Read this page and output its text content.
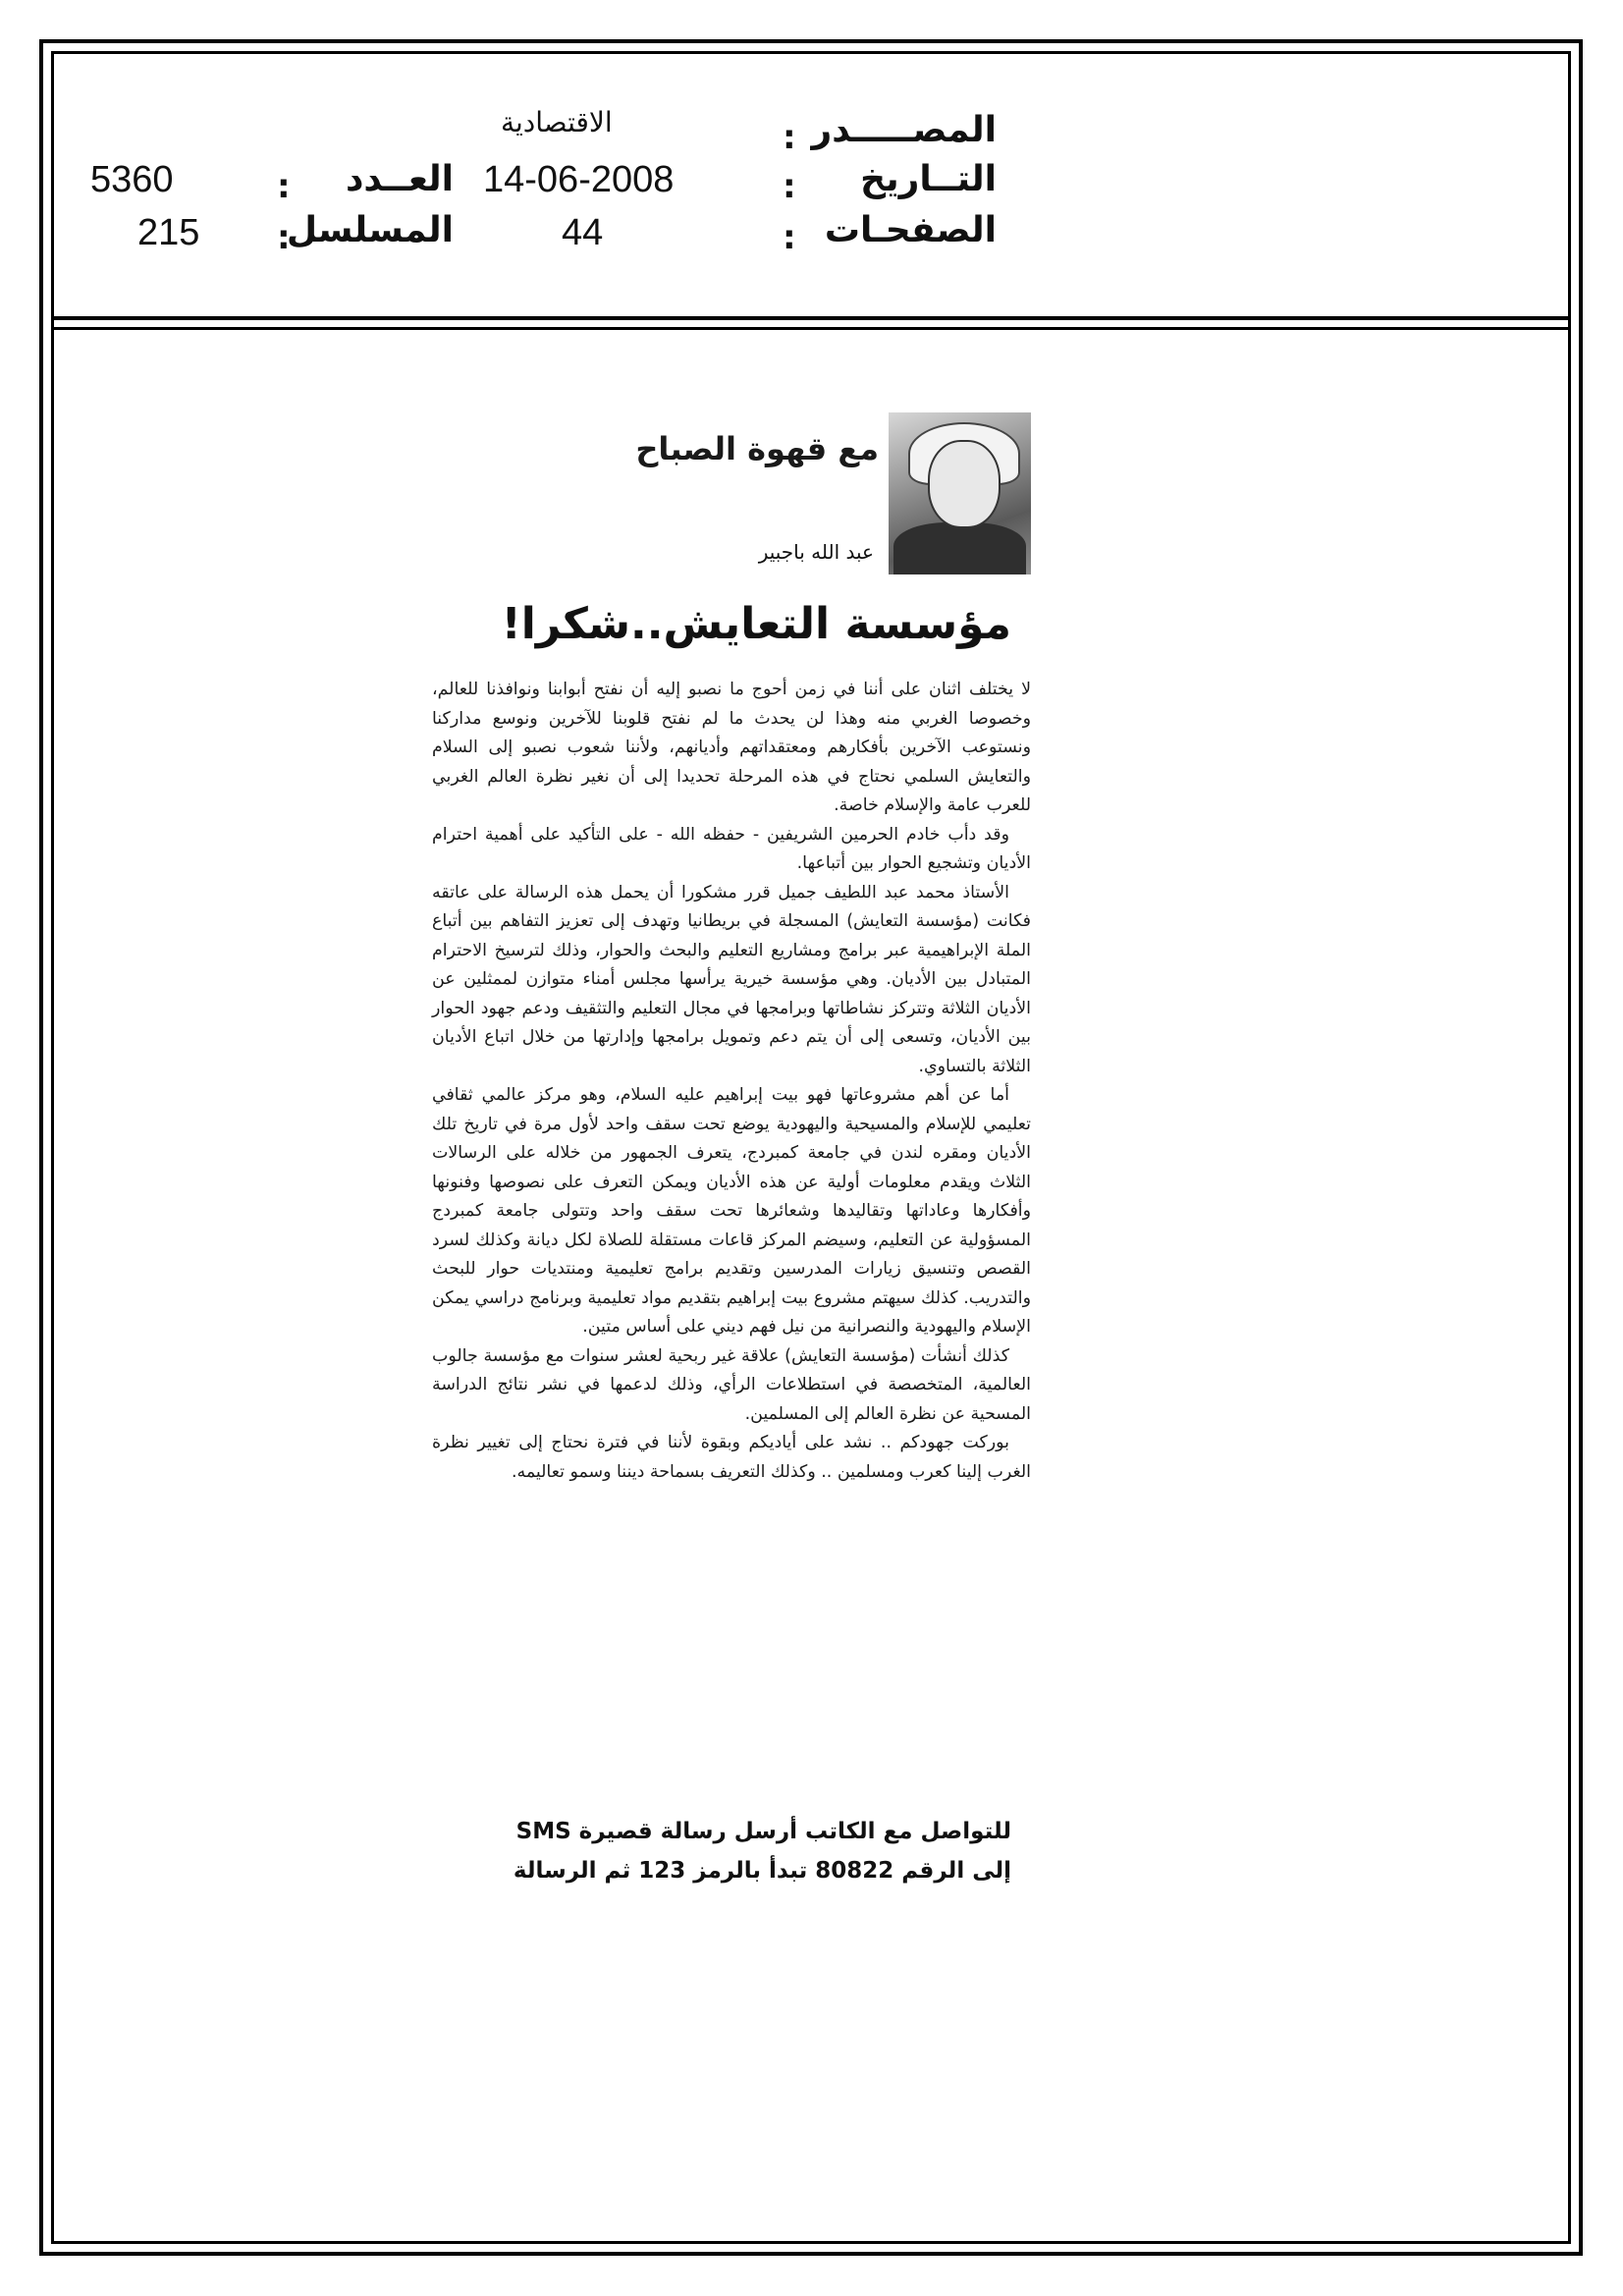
المصـــــدر
:
الاقتصادية
التــاريخ
:
14-06-2008
العــدد
:
5360
الصفحـات
:
44
المسلسل
:
215
مع قهوة الصباح
عبد الله باجبير
مؤسسة التعايش..شكرا!

لا يختلف اثنان على أننا في زمن أحوج ما نصبو إليه أن نفتح أبوابنا ونوافذنا للعالم، وخصوصا الغربي منه وهذا لن يحدث ما لم نفتح قلوبنا للآخرين ونوسع مداركنا ونستوعب الآخرين بأفكارهم ومعتقداتهم وأديانهم، ولأننا شعوب نصبو إلى السلام والتعايش السلمي نحتاج في هذه المرحلة تحديدا إلى أن نغير نظرة العالم الغربي للعرب عامة والإسلام خاصة.

وقد دأب خادم الحرمين الشريفين - حفظه الله - على التأكيد على أهمية احترام الأديان وتشجيع الحوار بين أتباعها.

الأستاذ محمد عبد اللطيف جميل قرر مشكورا أن يحمل هذه الرسالة على عاتقه فكانت (مؤسسة التعايش) المسجلة في بريطانيا وتهدف إلى تعزيز التفاهم بين أتباع الملة الإبراهيمية عبر برامج ومشاريع التعليم والبحث والحوار، وذلك لترسيخ الاحترام المتبادل بين الأديان. وهي مؤسسة خيرية يرأسها مجلس أمناء متوازن لممثلين عن الأديان الثلاثة وتتركز نشاطاتها وبرامجها في مجال التعليم والتثقيف ودعم جهود الحوار بين الأديان، وتسعى إلى أن يتم دعم وتمويل برامجها وإدارتها من خلال اتباع الأديان الثلاثة بالتساوي.

أما عن أهم مشروعاتها فهو بيت إبراهيم عليه السلام، وهو مركز عالمي ثقافي تعليمي للإسلام والمسيحية واليهودية يوضع تحت سقف واحد لأول مرة في تاريخ تلك الأديان ومقره لندن في جامعة كمبردج، يتعرف الجمهور من خلاله على الرسالات الثلاث ويقدم معلومات أولية عن هذه الأديان ويمكن التعرف على نصوصها وفنونها وأفكارها وعاداتها وتقاليدها وشعائرها تحت سقف واحد وتتولى جامعة كمبردج المسؤولية عن التعليم، وسيضم المركز قاعات مستقلة للصلاة لكل ديانة وكذلك لسرد القصص وتنسيق زيارات المدرسين وتقديم برامج تعليمية ومنتديات حوار للبحث والتدريب. كذلك سيهتم مشروع بيت إبراهيم بتقديم مواد تعليمية وبرنامج دراسي يمكن الإسلام واليهودية والنصرانية من نيل فهم ديني على أساس متين.

كذلك أنشأت (مؤسسة التعايش) علاقة غير ربحية لعشر سنوات مع مؤسسة جالوب العالمية، المتخصصة في استطلاعات الرأي، وذلك لدعمها في نشر نتائج الدراسة المسحية عن نظرة العالم إلى المسلمين.

بوركت جهودكم .. نشد على أياديكم وبقوة لأننا في فترة نحتاج إلى تغيير نظرة الغرب إلينا كعرب ومسلمين .. وكذلك التعريف بسماحة ديننا وسمو تعاليمه.

للتواصل مع الكاتب أرسل رسالة قصيرة SMS
إلى الرقم 80822 تبدأ بالرمز 123 ثم الرسالة
